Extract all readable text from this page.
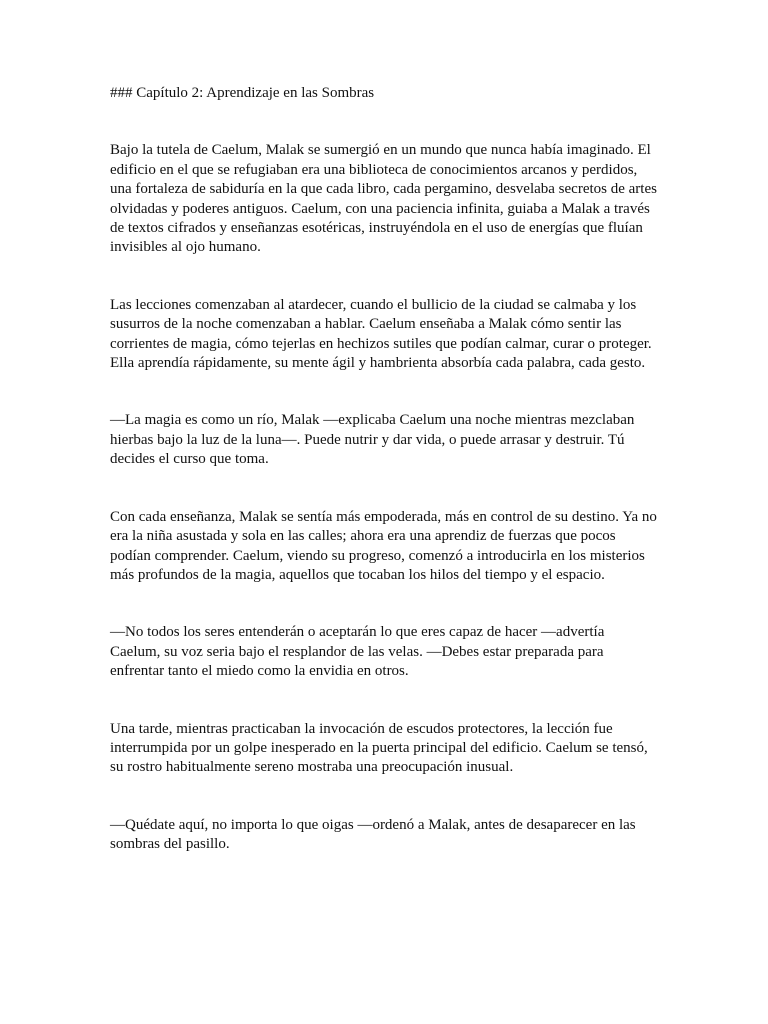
### Capítulo 2: Aprendizaje en las Sombras

Bajo la tutela de Caelum, Malak se sumergió en un mundo que nunca había imaginado. El edificio en el que se refugiaban era una biblioteca de conocimientos arcanos y perdidos, una fortaleza de sabiduría en la que cada libro, cada pergamino, desvelaba secretos de artes olvidadas y poderes antiguos. Caelum, con una paciencia infinita, guiaba a Malak a través de textos cifrados y enseñanzas esotéricas, instruyéndola en el uso de energías que fluían invisibles al ojo humano.

Las lecciones comenzaban al atardecer, cuando el bullicio de la ciudad se calmaba y los susurros de la noche comenzaban a hablar. Caelum enseñaba a Malak cómo sentir las corrientes de magia, cómo tejerlas en hechizos sutiles que podían calmar, curar o proteger. Ella aprendía rápidamente, su mente ágil y hambrienta absorbía cada palabra, cada gesto.

—La magia es como un río, Malak —explicaba Caelum una noche mientras mezclaban hierbas bajo la luz de la luna—. Puede nutrir y dar vida, o puede arrasar y destruir. Tú decides el curso que toma.

Con cada enseñanza, Malak se sentía más empoderada, más en control de su destino. Ya no era la niña asustada y sola en las calles; ahora era una aprendiz de fuerzas que pocos podían comprender. Caelum, viendo su progreso, comenzó a introducirla en los misterios más profundos de la magia, aquellos que tocaban los hilos del tiempo y el espacio.

—No todos los seres entenderán o aceptarán lo que eres capaz de hacer —advertía Caelum, su voz seria bajo el resplandor de las velas. —Debes estar preparada para enfrentar tanto el miedo como la envidia en otros.

Una tarde, mientras practicaban la invocación de escudos protectores, la lección fue interrumpida por un golpe inesperado en la puerta principal del edificio. Caelum se tensó, su rostro habitualmente sereno mostraba una preocupación inusual.

—Quédate aquí, no importa lo que oigas —ordenó a Malak, antes de desaparecer en las sombras del pasillo.
